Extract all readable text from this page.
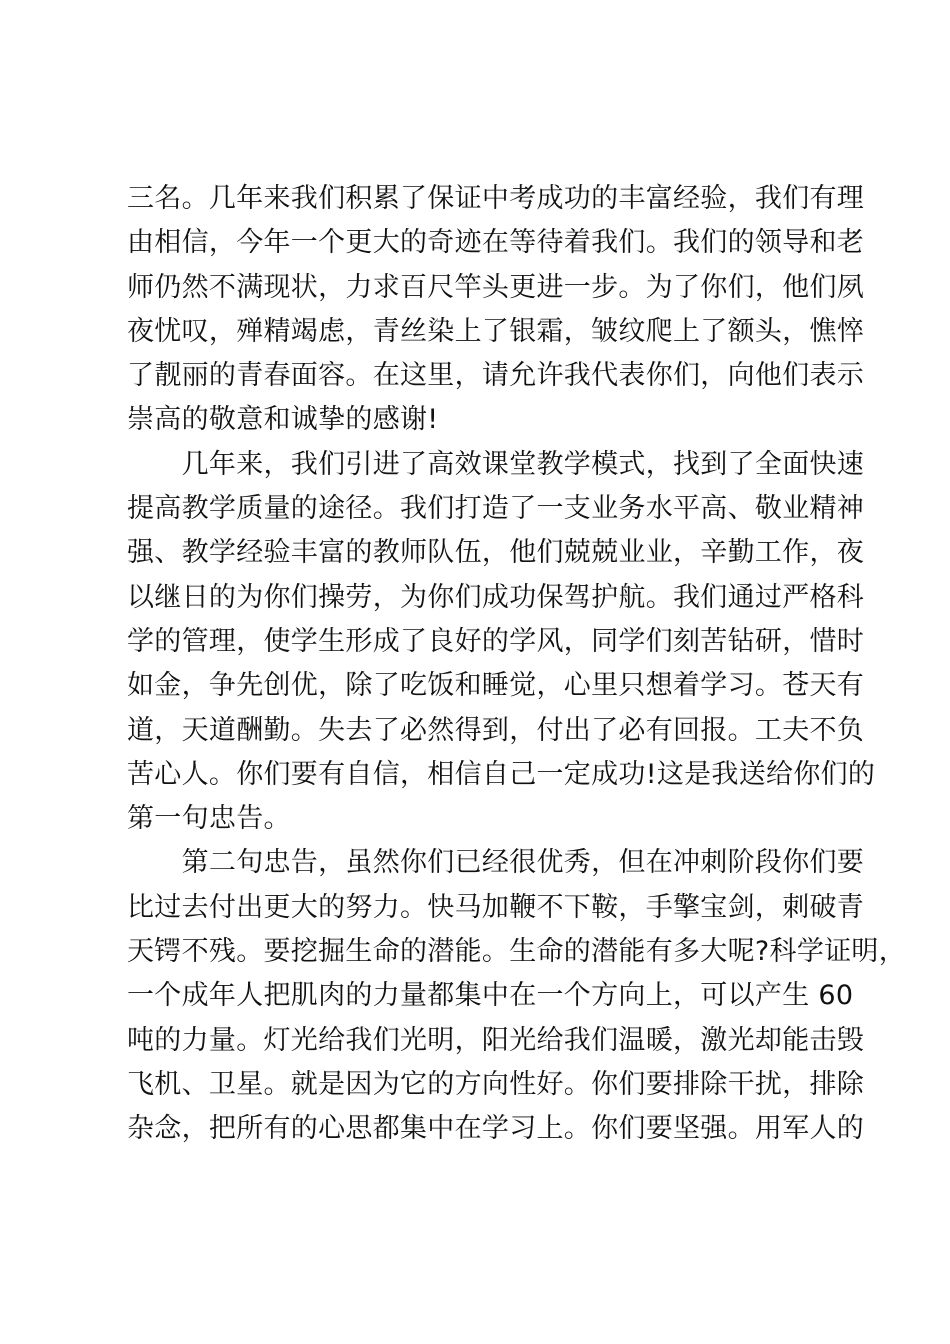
三名。几年来我们积累了保证中考成功的丰富经验，我们有理
由相信，今年一个更大的奇迹在等待着我们。我们的领导和老
师仍然不满现状，力求百尺竿头更进一步。为了你们，他们夙
夜忧叹，殚精竭虑，青丝染上了银霜，皱纹爬上了额头，憔悴
了靓丽的青春面容。在这里，请允许我代表你们，向他们表示
崇高的敬意和诚挚的感谢!
　　几年来，我们引进了高效课堂教学模式，找到了全面快速
提高教学质量的途径。我们打造了一支业务水平高、敬业精神
强、教学经验丰富的教师队伍，他们兢兢业业，辛勤工作，夜
以继日的为你们操劳，为你们成功保驾护航。我们通过严格科
学的管理，使学生形成了良好的学风，同学们刻苦钻研，惜时
如金，争先创优，除了吃饭和睡觉，心里只想着学习。苍天有
道，天道酬勤。失去了必然得到，付出了必有回报。工夫不负
苦心人。你们要有自信，相信自己一定成功!这是我送给你们的
第一句忠告。
　　第二句忠告，虽然你们已经很优秀，但在冲刺阶段你们要
比过去付出更大的努力。快马加鞭不下鞍，手擎宝剑，刺破青
天锷不残。要挖掘生命的潜能。生命的潜能有多大呢?科学证明，
一个成年人把肌肉的力量都集中在一个方向上，可以产生 60
吨的力量。灯光给我们光明，阳光给我们温暖，激光却能击毁
飞机、卫星。就是因为它的方向性好。你们要排除干扰，排除
杂念，把所有的心思都集中在学习上。你们要坚强。用军人的
